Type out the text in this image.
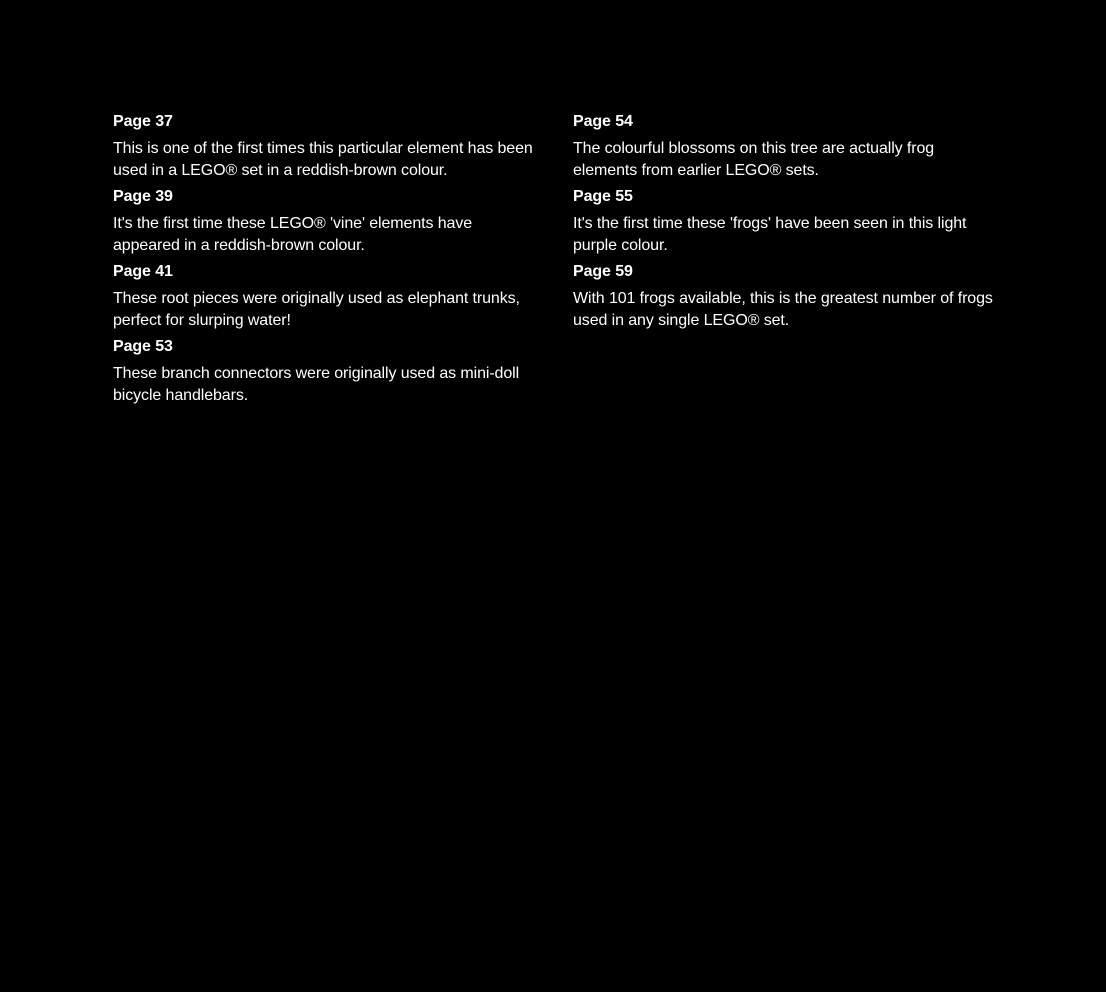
Page 37

This is one of the first times this particular element has been used in a LEGO® set in a reddish-brown colour.

Page 39

It's the first time these LEGO® 'vine' elements have appeared in a reddish-brown colour.

Page 41

These root pieces were originally used as elephant trunks, perfect for slurping water!

Page 53

These branch connectors were originally used as mini-doll bicycle handlebars.

Page 54

The colourful blossoms on this tree are actually frog elements from earlier LEGO® sets.

Page 55

It's the first time these 'frogs' have been seen in this light purple colour.

Page 59

With 101 frogs available, this is the greatest number of frogs used in any single LEGO® set.
